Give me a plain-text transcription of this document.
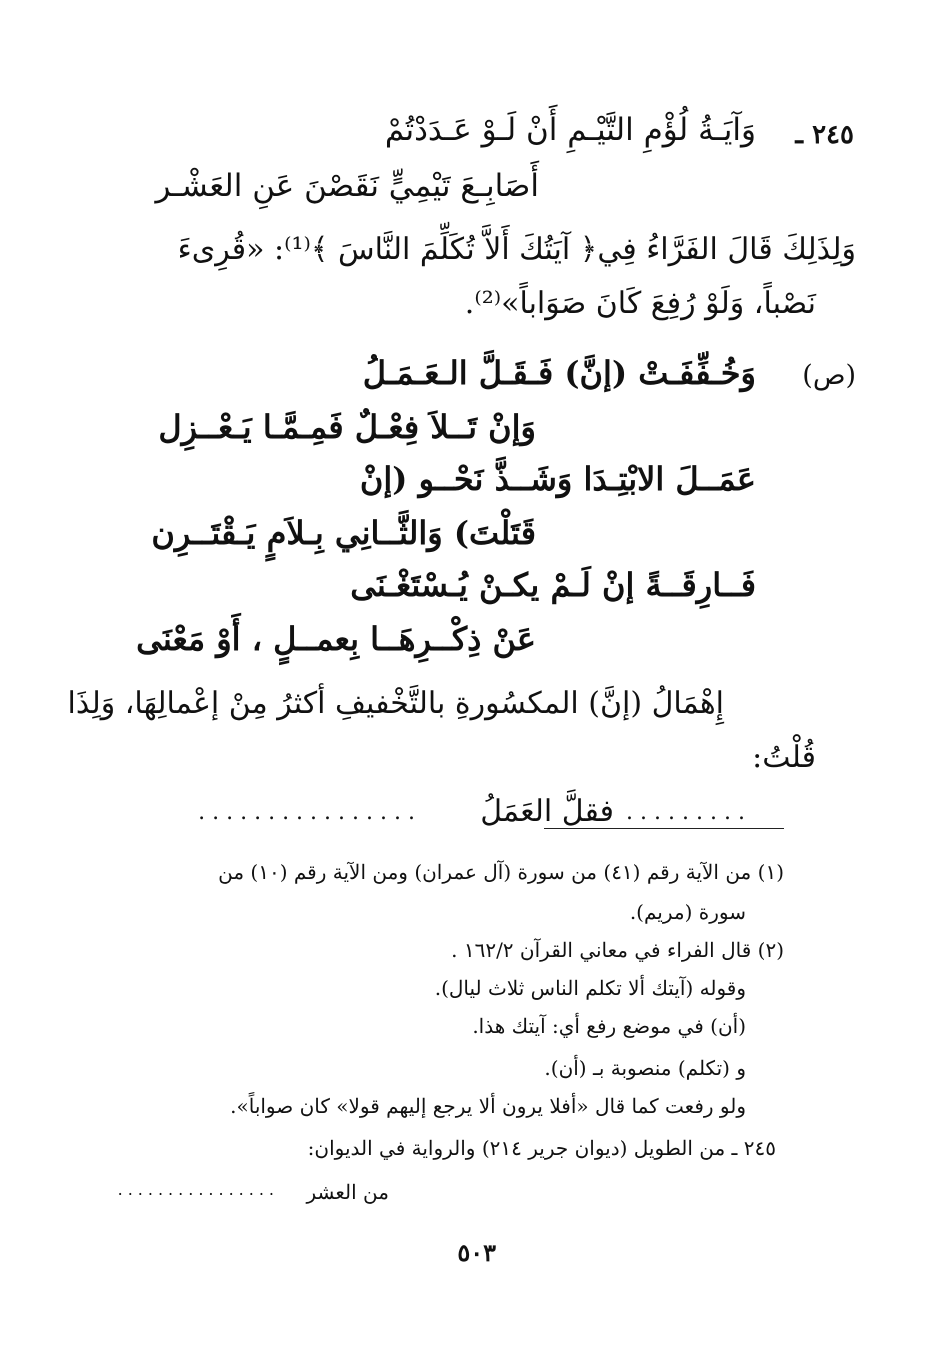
٢٤٥ ـ
وَآيَـةُ لُؤْمِ التَّيْـمِ أَنْ لَـوْ عَـدَدْتُمْ
أَصَابِـعَ تَيْمِيٍّ نَقَصْنَ عَنِ العَشْـر
وَلِذَلِكَ قَالَ الفَرَّاءُ فِي﴿ آيَتُكَ أَلاَّ تُكَلِّمَ النَّاسَ ﴾⁽¹⁾: «قُرِىءَ
نَصْباً، وَلَوْ رُفِعَ كَانَ صَوَاباً»⁽²⁾.
(ص)
وَخُـفِّفَـتْ (إنَّ) فَـقَـلَّ الـعَـمَـلُ
وَإنْ تَــلاَ فِعْـلٌ فَمِـمَّـا يَـعْــزِل
عَمَــلَ الابْتِـدَا وَشَــذَّ نَحْــو (إنْ
قَتَلْتَ) وَالثَّــانِي بِـلاَمٍ يَـقْتَــرِن
فَــارِقَــةً إنْ لَـمْ يكـنْ يُـسْتَغْـنَى
عَنْ ذِكْــرِهَــا بِعمــلٍ ، أَوْ مَعْنَى
إِهْمَالُ (إنَّ) المكسُورةِ بالتَّخْفيفِ أكثرُ مِنْ إعْمالِهَا، وَلِذَا
قُلْتُ:
فقلَّ العَمَلُ .........
................
(١) من الآية رقم (٤١) من سورة (آل عمران) ومن الآية رقم (١٠) من
سورة (مريم).
(٢) قال الفراء في معاني القرآن ١٦٢/٢ .
وقوله (آيتك ألا تكلم الناس ثلاث ليال).
(أن) في موضع رفع أي: آيتك هذا.
و (تكلم) منصوبة بـ (أن).
ولو رفعت كما قال «أفلا يرون ألا يرجع إليهم قولا» كان صواباً».
٢٤٥ ـ من الطويل (ديوان جرير ٢١٤) والرواية في الديوان:
من العشر
................
٥٠٣
